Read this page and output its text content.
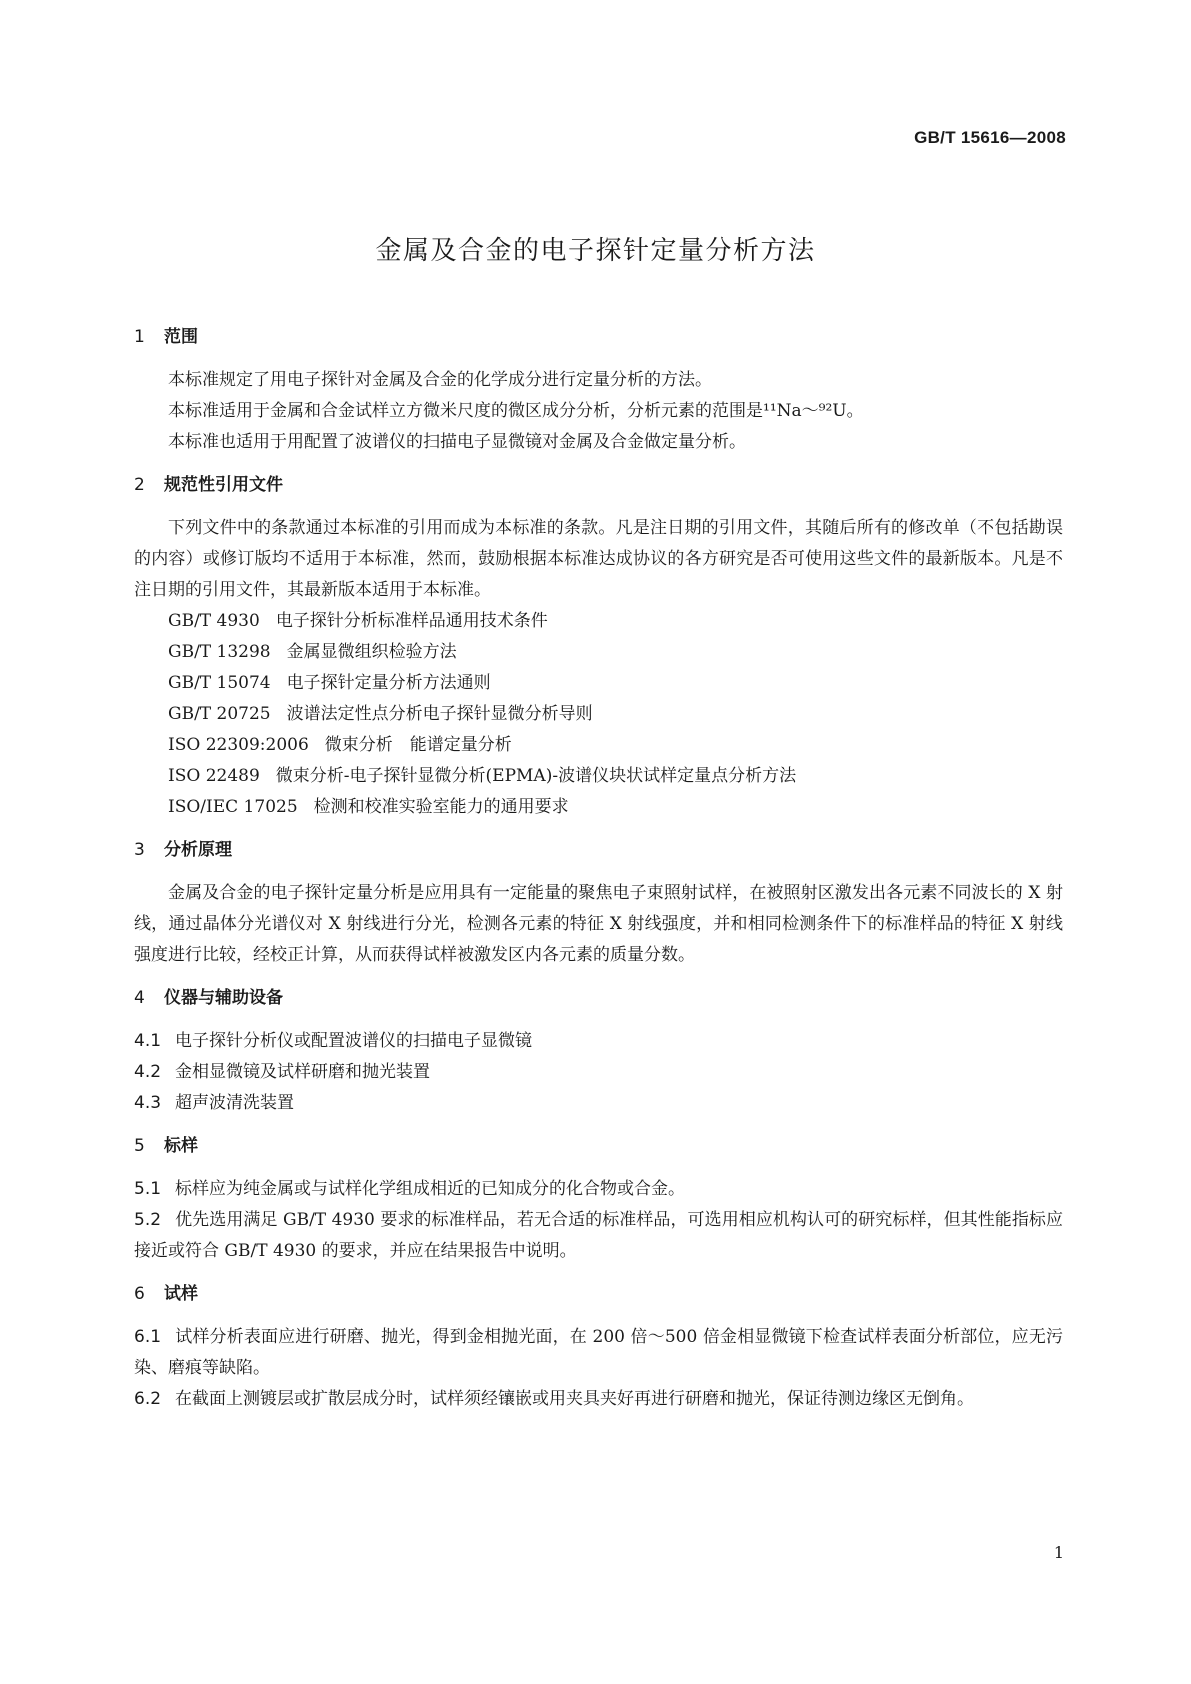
GB/T 15616—2008
金属及合金的电子探针定量分析方法
1 范围

本标准规定了用电子探针对金属及合金的化学成分进行定量分析的方法。

本标准适用于金属和合金试样立方微米尺度的微区成分分析，分析元素的范围是¹¹Na～⁹²U。

本标准也适用于用配置了波谱仪的扫描电子显微镜对金属及合金做定量分析。

2 规范性引用文件

下列文件中的条款通过本标准的引用而成为本标准的条款。凡是注日期的引用文件，其随后所有的修改单（不包括勘误的内容）或修订版均不适用于本标准，然而，鼓励根据本标准达成协议的各方研究是否可使用这些文件的最新版本。凡是不注日期的引用文件，其最新版本适用于本标准。

GB/T 4930 电子探针分析标准样品通用技术条件
GB/T 13298 金属显微组织检验方法
GB/T 15074 电子探针定量分析方法通则
GB/T 20725 波谱法定性点分析电子探针显微分析导则
ISO 22309:2006 微束分析　能谱定量分析
ISO 22489 微束分析-电子探针显微分析(EPMA)-波谱仪块状试样定量点分析方法
ISO/IEC 17025 检测和校准实验室能力的通用要求
3 分析原理

金属及合金的电子探针定量分析是应用具有一定能量的聚焦电子束照射试样，在被照射区激发出各元素不同波长的 X 射线，通过晶体分光谱仪对 X 射线进行分光，检测各元素的特征 X 射线强度，并和相同检测条件下的标准样品的特征 X 射线强度进行比较，经校正计算，从而获得试样被激发区内各元素的质量分数。

4 仪器与辅助设备

4.1 电子探针分析仪或配置波谱仪的扫描电子显微镜

4.2 金相显微镜及试样研磨和抛光装置

4.3 超声波清洗装置

5 标样

5.1 标样应为纯金属或与试样化学组成相近的已知成分的化合物或合金。

5.2 优先选用满足 GB/T 4930 要求的标准样品，若无合适的标准样品，可选用相应机构认可的研究标样，但其性能指标应接近或符合 GB/T 4930 的要求，并应在结果报告中说明。

6 试样

6.1 试样分析表面应进行研磨、抛光，得到金相抛光面，在 200 倍～500 倍金相显微镜下检查试样表面分析部位，应无污染、磨痕等缺陷。

6.2 在截面上测镀层或扩散层成分时，试样须经镶嵌或用夹具夹好再进行研磨和抛光，保证待测边缘区无倒角。

1
